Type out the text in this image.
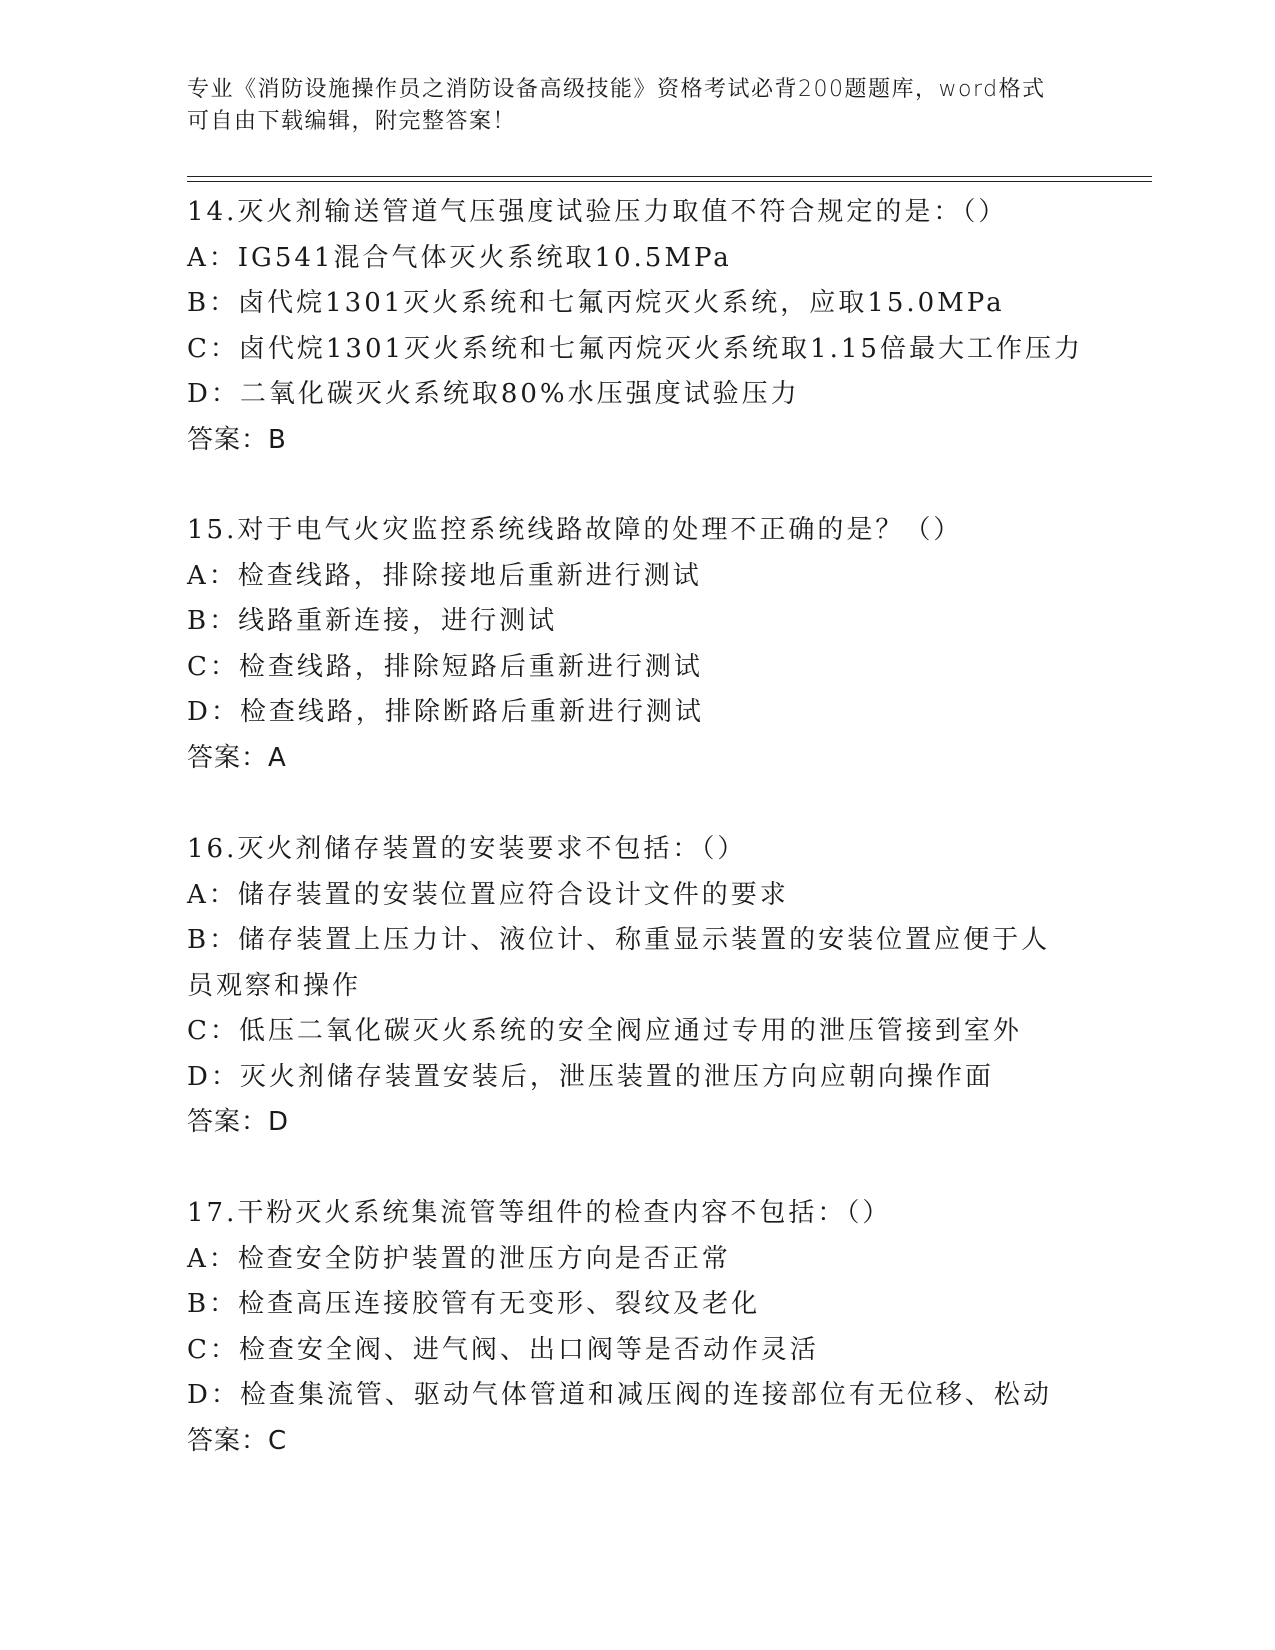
专业《消防设施操作员之消防设备高级技能》资格考试必背200题题库，word格式可自由下载编辑，附完整答案！
14.灭火剂输送管道气压强度试验压力取值不符合规定的是：（）
A：IG541混合气体灭火系统取10.5MPa
B：卤代烷1301灭火系统和七氟丙烷灭火系统，应取15.0MPa
C：卤代烷1301灭火系统和七氟丙烷灭火系统取1.15倍最大工作压力
D：二氧化碳灭火系统取80%水压强度试验压力
答案：B
15.对于电气火灾监控系统线路故障的处理不正确的是？（）
A：检查线路，排除接地后重新进行测试
B：线路重新连接，进行测试
C：检查线路，排除短路后重新进行测试
D：检查线路，排除断路后重新进行测试
答案：A
16.灭火剂储存装置的安装要求不包括：（）
A：储存装置的安装位置应符合设计文件的要求
B：储存装置上压力计、液位计、称重显示装置的安装位置应便于人员观察和操作
C：低压二氧化碳灭火系统的安全阀应通过专用的泄压管接到室外
D：灭火剂储存装置安装后，泄压装置的泄压方向应朝向操作面
答案：D
17.干粉灭火系统集流管等组件的检查内容不包括：（）
A：检查安全防护装置的泄压方向是否正常
B：检查高压连接胶管有无变形、裂纹及老化
C：检查安全阀、进气阀、出口阀等是否动作灵活
D：检查集流管、驱动气体管道和减压阀的连接部位有无位移、松动
答案：C
